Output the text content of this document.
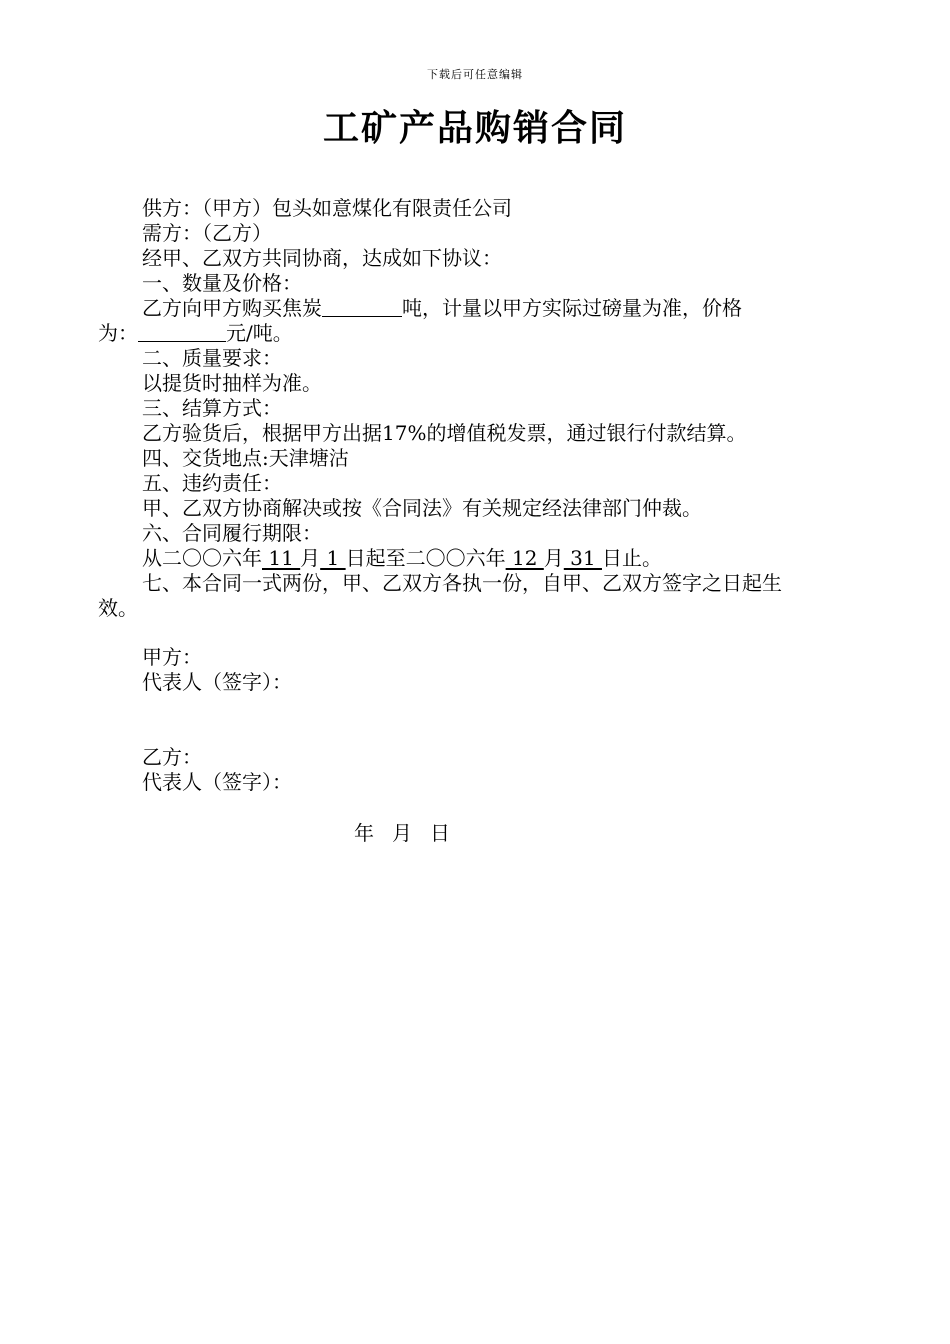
下载后可任意编辑
工矿产品购销合同
供方：（甲方）包头如意煤化有限责任公司
需方：（乙方）
经甲、乙双方共同协商，达成如下协议：
一、数量及价格：
乙方向甲方购买焦炭	吨，计量以甲方实际过磅量为准，价格
为：	元/吨。
二、质量要求：
以提货时抽样为准。
三、结算方式：
乙方验货后，根据甲方出据17%的增值税发票，通过银行付款结算。
四、交货地点:天津塘沽
五、违约责任：
甲、乙双方协商解决或按《合同法》有关规定经法律部门仲裁。
六、合同履行期限：
从二〇〇六年 11 月 1 日起至二〇〇六年 12 月 31 日止。
七、本合同一式两份，甲、乙双方各执一份，自甲、乙双方签字之日起生效。
甲方：
代表人（签字）：
乙方：
代表人（签字）：
年 月 日
